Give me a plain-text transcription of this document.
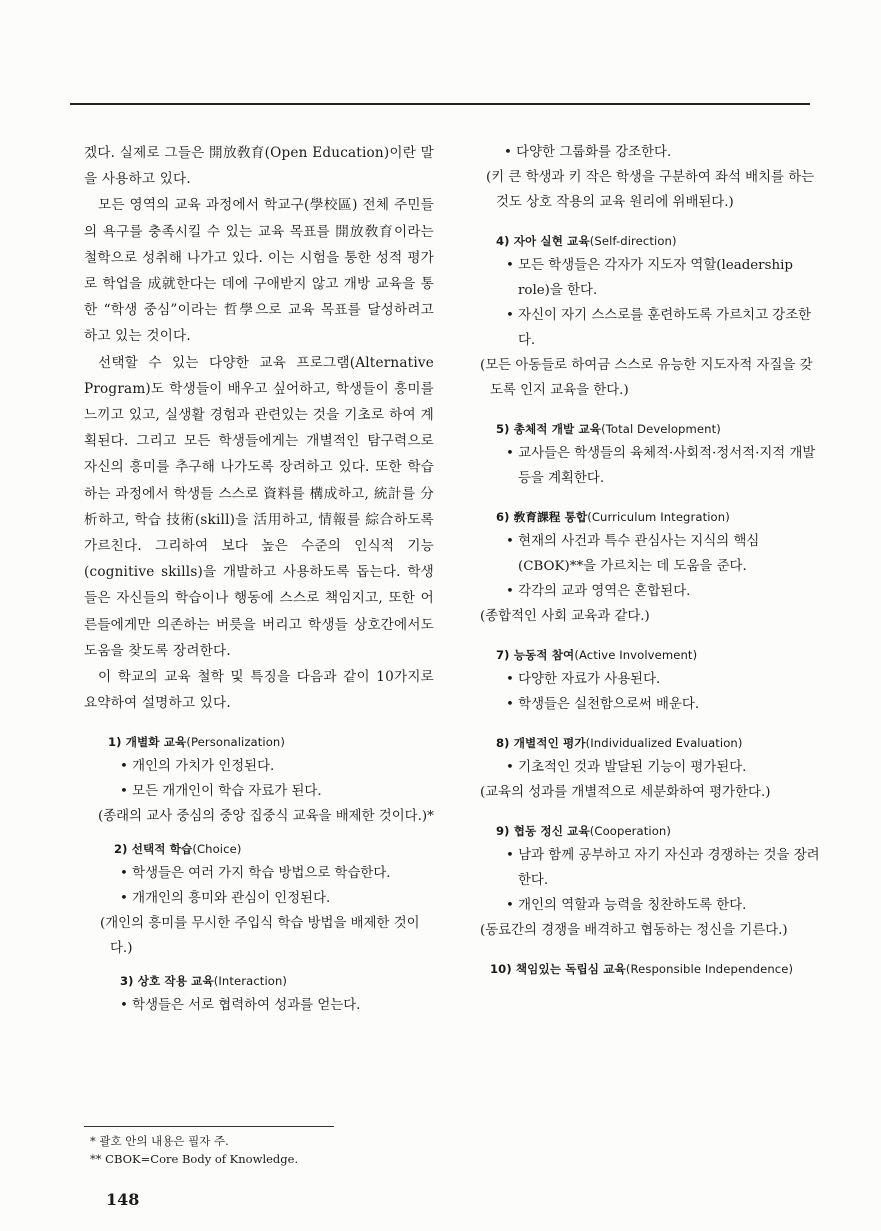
겠다. 실제로 그들은 開放敎育(Open Education)이란 말을 사용하고 있다.

모든 영역의 교육 과정에서 학교구(學校區) 전체 주민들의 욕구를 충족시킬 수 있는 교육 목표를 開放敎育이라는 철학으로 성취해 나가고 있다. 이는 시험을 통한 성적 평가로 학업을 成就한다는 데에 구애받지 않고 개방 교육을 통한 “학생 중심”이라는 哲學으로 교육 목표를 달성하려고 하고 있는 것이다.

선택할 수 있는 다양한 교육 프로그램(Alternative Program)도 학생들이 배우고 싶어하고, 학생들이 흥미를 느끼고 있고, 실생활 경험과 관련있는 것을 기초로 하여 계획된다. 그리고 모든 학생들에게는 개별적인 탐구력으로 자신의 흥미를 추구해 나가도록 장려하고 있다. 또한 학습하는 과정에서 학생들 스스로 資料를 構成하고, 統計를 分析하고, 학습 技術(skill)을 活用하고, 情報를 綜合하도록 가르친다. 그리하여 보다 높은 수준의 인식적 기능(cognitive skills)을 개발하고 사용하도록 돕는다. 학생들은 자신들의 학습이나 행동에 스스로 책임지고, 또한 어른들에게만 의존하는 버릇을 버리고 학생들 상호간에서도 도움을 찾도록 장려한다.

이 학교의 교육 철학 및 특징을 다음과 같이 10가지로 요약하여 설명하고 있다.

1) 개별화 교육(Personalization)
• 개인의 가치가 인정된다.
• 모든 개개인이 학습 자료가 된다.
(종래의 교사 중심의 중앙 집중식 교육을 배제한 것이다.)*
2) 선택적 학습(Choice)
• 학생들은 여러 가지 학습 방법으로 학습한다.
• 개개인의 흥미와 관심이 인정된다.
(개인의 흥미를 무시한 주입식 학습 방법을 배제한 것이다.)
3) 상호 작용 교육(Interaction)
• 학생들은 서로 협력하여 성과를 얻는다.
• 다양한 그룹화를 강조한다.
(키 큰 학생과 키 작은 학생을 구분하여 좌석 배치를 하는 것도 상호 작용의 교육 원리에 위배된다.)
4) 자아 실현 교육(Self-direction)
• 모든 학생들은 각자가 지도자 역할(leadership role)을 한다.
• 자신이 자기 스스로를 훈련하도록 가르치고 강조한다.
(모든 아동들로 하여금 스스로 유능한 지도자적 자질을 갖도록 인지 교육을 한다.)
5) 총체적 개발 교육(Total Development)
• 교사들은 학생들의 육체적·사회적·정서적·지적 개발 등을 계획한다.
6) 敎育課程 통합(Curriculum Integration)
• 현재의 사건과 특수 관심사는 지식의 핵심(CBOK)**을 가르치는 데 도움을 준다.
• 각각의 교과 영역은 혼합된다.
(종합적인 사회 교육과 같다.)
7) 능동적 참여(Active Involvement)
• 다양한 자료가 사용된다.
• 학생들은 실천함으로써 배운다.
8) 개별적인 평가(Individualized Evaluation)
• 기초적인 것과 발달된 기능이 평가된다.
(교육의 성과를 개별적으로 세분화하여 평가한다.)
9) 협동 정신 교육(Cooperation)
• 남과 함께 공부하고 자기 자신과 경쟁하는 것을 장려한다.
• 개인의 역할과 능력을 칭찬하도록 한다.
(동료간의 경쟁을 배격하고 협동하는 정신을 기른다.)
10) 책임있는 독립심 교육(Responsible Independence)
* 괄호 안의 내용은 필자 주.
** CBOK=Core Body of Knowledge.
148
